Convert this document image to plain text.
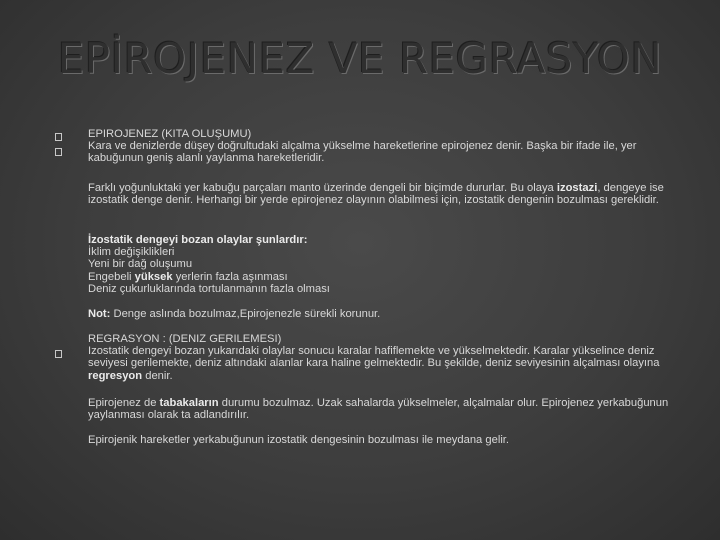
EPİROJENEZ VE REGRASYON

EPIROJENEZ (KITA OLUŞUMU)

Kara ve denizlerde düşey doğrultudaki alçalma yükselme hareketlerine epirojenez denir. Başka bir ifade ile, yer kabuğunun geniş alanlı yaylanma hareketleridir.

Farklı yoğunluktaki yer kabuğu parçaları manto üzerinde dengeli bir biçimde dururlar. Bu olaya izostazi, dengeye ise izostatik denge denir. Herhangi bir yerde epirojenez olayının olabilmesi için, izostatik dengenin bozulması gereklidir.

İzostatik dengeyi bozan olaylar şunlardır:

İklim değişiklikleri

Yeni bir dağ oluşumu

Engebeli yüksek yerlerin fazla aşınması

Deniz çukurluklarında tortulanmanın fazla olması

Not: Denge aslında bozulmaz,Epirojenezle sürekli korunur.

REGRASYON : (DENIZ GERILEMESI)

Izostatik dengeyi bozan yukarıdaki olaylar sonucu karalar hafiflemekte ve yükselmektedir. Karalar yükselince deniz seviyesi gerilemekte, deniz altındaki alanlar kara haline gelmektedir. Bu şekilde, deniz seviyesinin alçalması olayına regresyon denir.

Epirojenez de tabakaların durumu bozulmaz. Uzak sahalarda yükselmeler, alçalmalar olur. Epirojenez yerkabuğunun yaylanması olarak ta adlandırılır.
Epirojenik hareketler yerkabuğunun izostatik dengesinin bozulması ile meydana gelir.
